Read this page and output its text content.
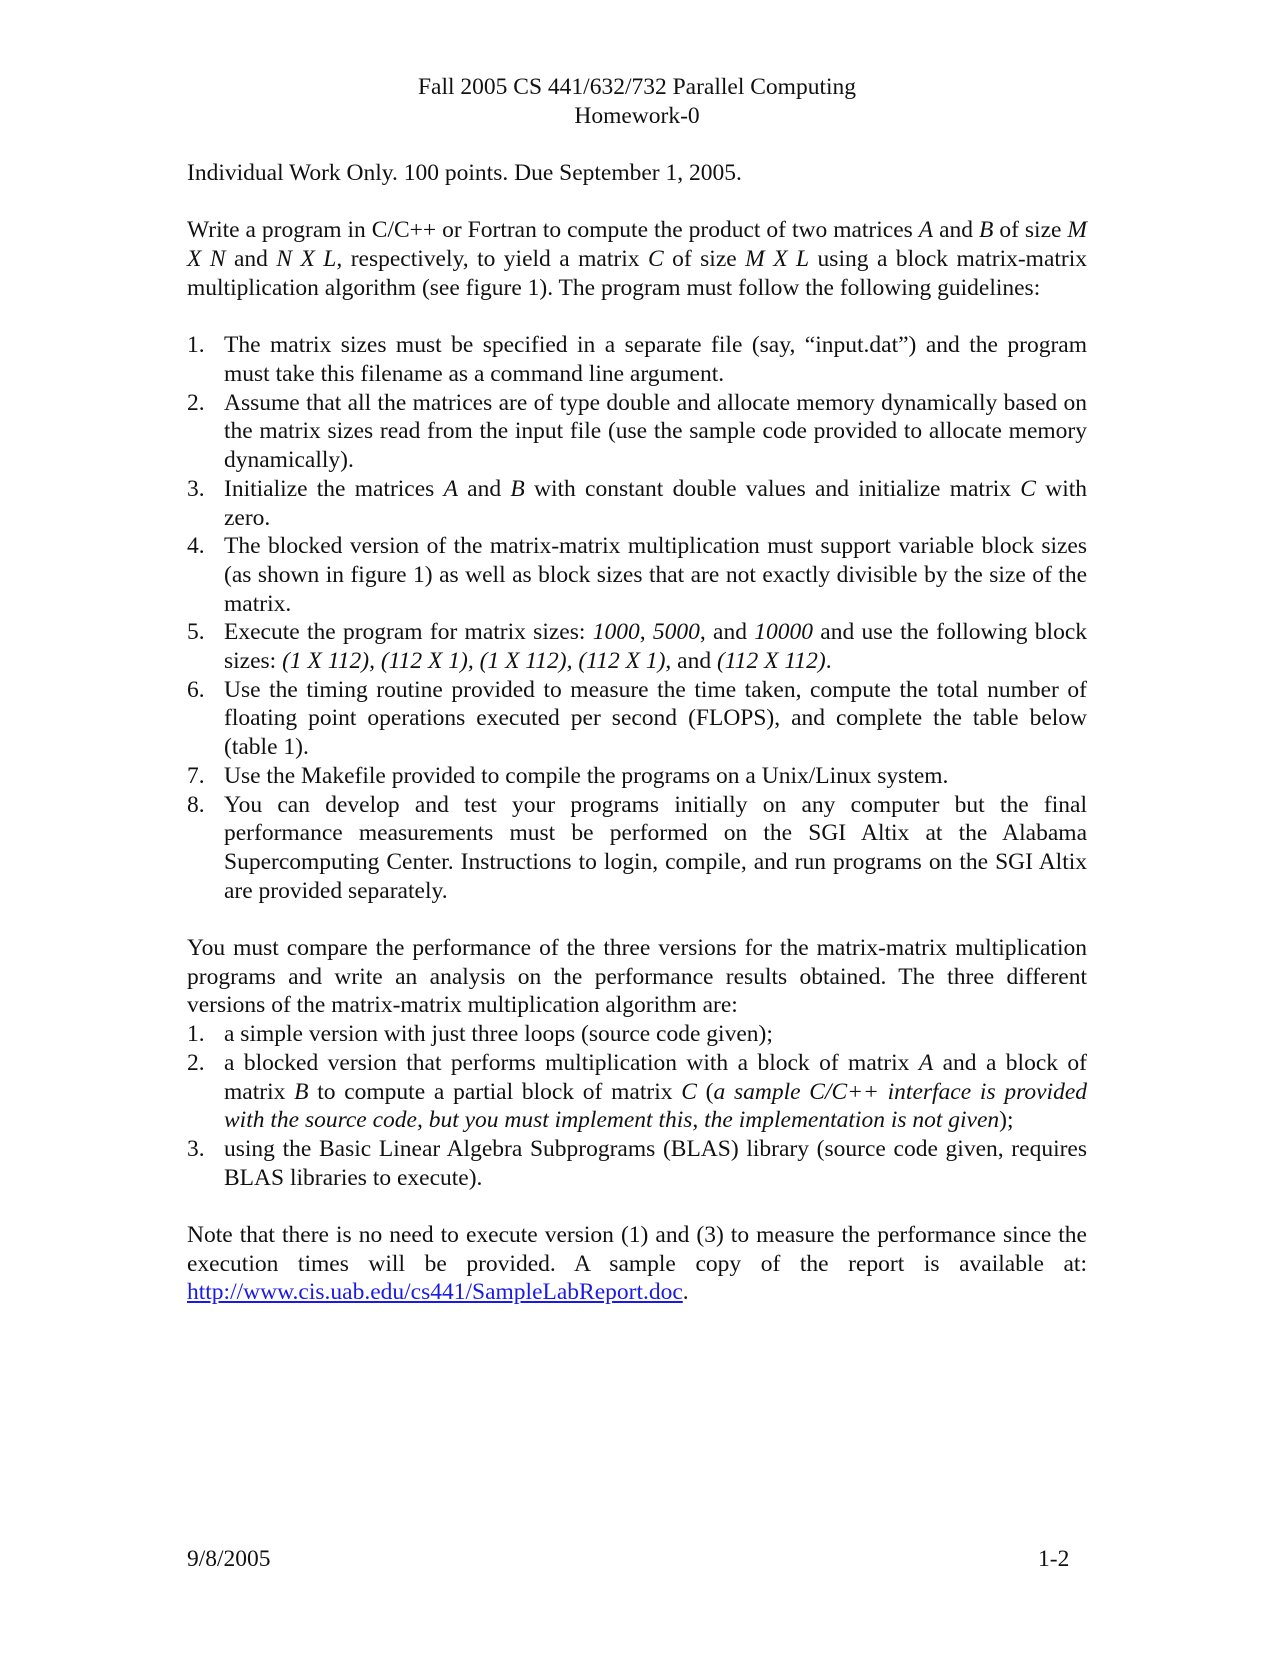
Fall 2005 CS 441/632/732 Parallel Computing
Homework-0

Individual Work Only. 100 points. Due September 1, 2005.

Write a program in C/C++ or Fortran to compute the product of two matrices A and B of size M X N and N X L, respectively, to yield a matrix C of size M X L using a block matrix-matrix multiplication algorithm (see figure 1). The program must follow the following guidelines:

1. The matrix sizes must be specified in a separate file (say, “input.dat”) and the program must take this filename as a command line argument.
2. Assume that all the matrices are of type double and allocate memory dynamically based on the matrix sizes read from the input file (use the sample code provided to allocate memory dynamically).
3. Initialize the matrices A and B with constant double values and initialize matrix C with zero.
4. The blocked version of the matrix-matrix multiplication must support variable block sizes (as shown in figure 1) as well as block sizes that are not exactly divisible by the size of the matrix.
5. Execute the program for matrix sizes: 1000, 5000, and 10000 and use the following block sizes: (1 X 112), (112 X 1), (1 X 112), (112 X 1), and (112 X 112).
6. Use the timing routine provided to measure the time taken, compute the total number of floating point operations executed per second (FLOPS), and complete the table below (table 1).
7. Use the Makefile provided to compile the programs on a Unix/Linux system.
8. You can develop and test your programs initially on any computer but the final performance measurements must be performed on the SGI Altix at the Alabama Supercomputing Center. Instructions to login, compile, and run programs on the SGI Altix are provided separately.

You must compare the performance of the three versions for the matrix-matrix multiplication programs and write an analysis on the performance results obtained. The three different versions of the matrix-matrix multiplication algorithm are:

1. a simple version with just three loops (source code given);
2. a blocked version that performs multiplication with a block of matrix A and a block of matrix B to compute a partial block of matrix C (a sample C/C++ interface is provided with the source code, but you must implement this, the implementation is not given);
3. using the Basic Linear Algebra Subprograms (BLAS) library (source code given, requires BLAS libraries to execute).

Note that there is no need to execute version (1) and (3) to measure the performance since the execution times will be provided. A sample copy of the report is available at: http://www.cis.uab.edu/cs441/SampleLabReport.doc.

9/8/2005	1-2
